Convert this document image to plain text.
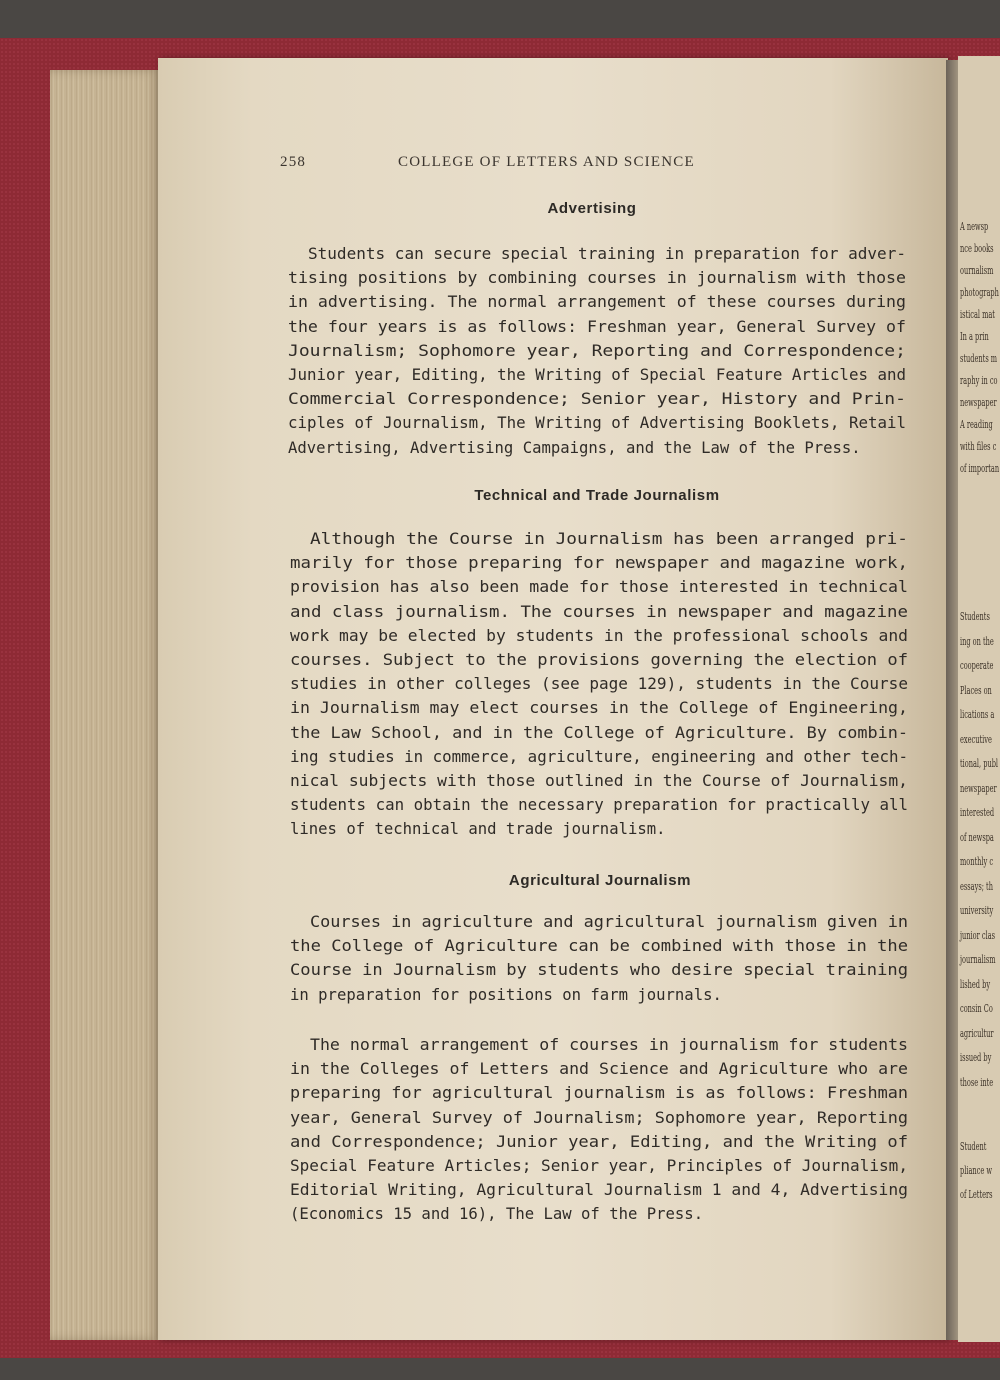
A newsp
nce books
ournalism
photograph
istical mat
In a prin
students m
raphy in co
newspaper
A reading
with files c
of importan
Students
ing on the
cooperate
Places on
lications a
executive
tional, publ
newspaper
interested
of newspa
monthly c
essays; th
university
junior clas
journalism
lished by
consin Co
agricultur
issued by
those inte
Student
pliance w
of Letters
258	COLLEGE OF LETTERS AND SCIENCE
Advertising
Students can secure special training in preparation for adver-
tising positions by combining courses in journalism with those
in advertising. The normal arrangement of these courses during
the four years is as follows: Freshman year, General Survey of
Journalism; Sophomore year, Reporting and Correspondence;
Junior year, Editing, the Writing of Special Feature Articles and
Commercial Correspondence; Senior year, History and Prin-
ciples of Journalism, The Writing of Advertising Booklets, Retail
Advertising, Advertising Campaigns, and the Law of the Press.
Technical and Trade Journalism
Although the Course in Journalism has been arranged pri-
marily for those preparing for newspaper and magazine work,
provision has also been made for those interested in technical
and class journalism. The courses in newspaper and magazine
work may be elected by students in the professional schools and
courses. Subject to the provisions governing the election of
studies in other colleges (see page 129), students in the Course
in Journalism may elect courses in the College of Engineering,
the Law School, and in the College of Agriculture. By combin-
ing studies in commerce, agriculture, engineering and other tech-
nical subjects with those outlined in the Course of Journalism,
students can obtain the necessary preparation for practically all
lines of technical and trade journalism.
Agricultural Journalism
Courses in agriculture and agricultural journalism given in
the College of Agriculture can be combined with those in the
Course in Journalism by students who desire special training
in preparation for positions on farm journals.
The normal arrangement of courses in journalism for students
in the Colleges of Letters and Science and Agriculture who are
preparing for agricultural journalism is as follows: Freshman
year, General Survey of Journalism; Sophomore year, Reporting
and Correspondence; Junior year, Editing, and the Writing of
Special Feature Articles; Senior year, Principles of Journalism,
Editorial Writing, Agricultural Journalism 1 and 4, Advertising
(Economics 15 and 16), The Law of the Press.
